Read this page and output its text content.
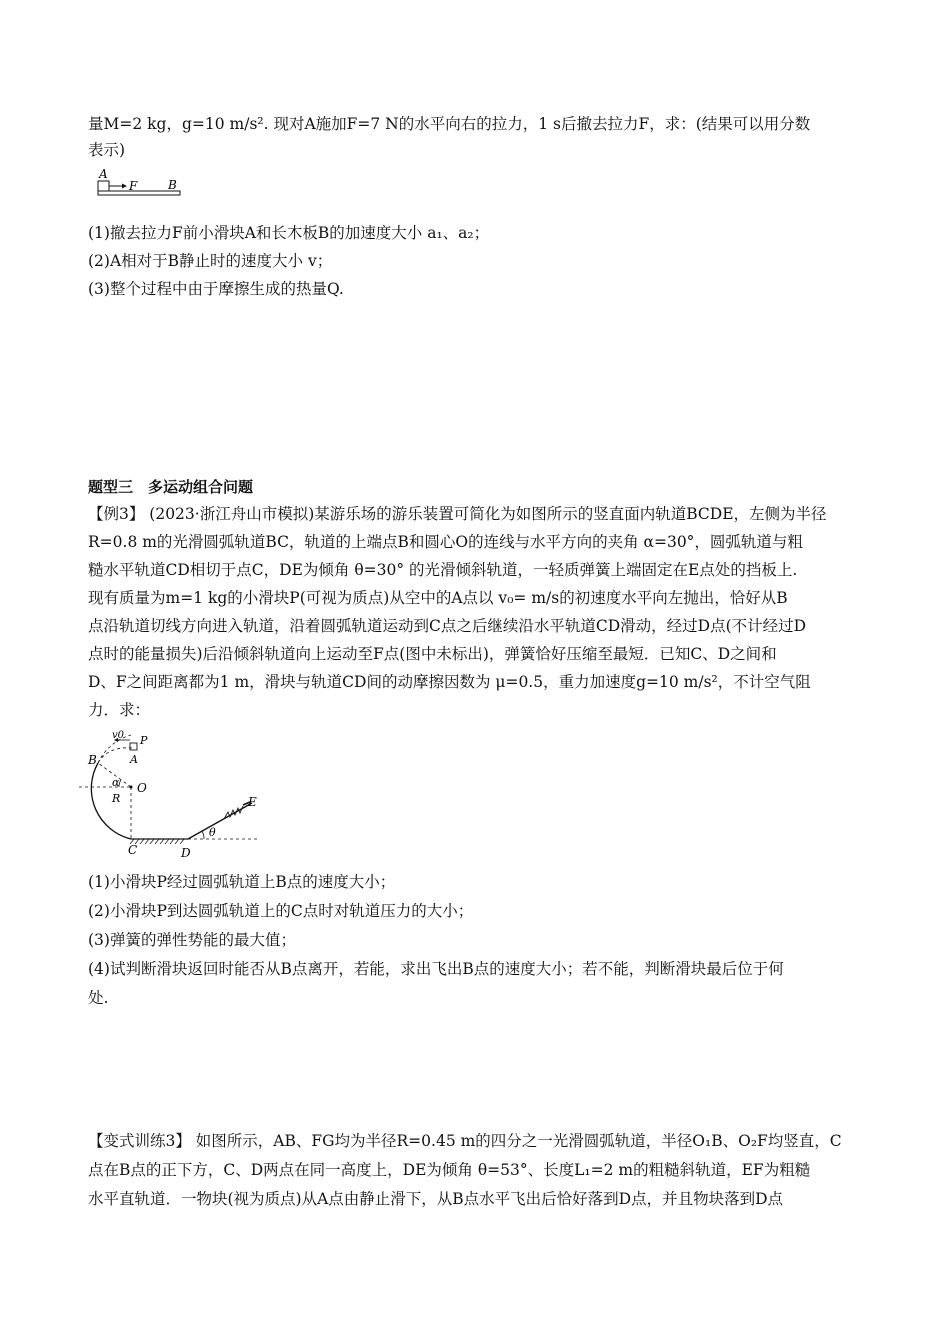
量M=2 kg，g=10 m/s². 现对A施加F=7 N的水平向右的拉力，1 s后撤去拉力F，求：(结果可以用分数
表示)
A
F	B
(1)撤去拉力F前小滑块A和长木板B的加速度大小 a₁、a₂；
(2)A相对于B静止时的速度大小 v；
(3)整个过程中由于摩擦生成的热量Q.
题型三　多运动组合问题
【例3】 (2023·浙江舟山市模拟)某游乐场的游乐装置可简化为如图所示的竖直面内轨道BCDE，左侧为半径
R=0.8 m的光滑圆弧轨道BC，轨道的上端点B和圆心O的连线与水平方向的夹角 α=30°，圆弧轨道与粗
糙水平轨道CD相切于点C，DE为倾角 θ=30° 的光滑倾斜轨道，一轻质弹簧上端固定在E点处的挡板上.
现有质量为m=1 kg的小滑块P(可视为质点)从空中的A点以 v₀= m/s的初速度水平向左抛出，恰好从B
点沿轨道切线方向进入轨道，沿着圆弧轨道运动到C点之后继续沿水平轨道CD滑动，经过D点(不计经过D
点时的能量损失)后沿倾斜轨道向上运动至F点(图中未标出)，弹簧恰好压缩至最短．已知C、D之间和
D、F之间距离都为1 m，滑块与轨道CD间的动摩擦因数为 μ=0.5，重力加速度g=10 m/s²，不计空气阻
力．求：
v0 P
A
B
O
α
R
C	D
E
θ
(1)小滑块P经过圆弧轨道上B点的速度大小；
(2)小滑块P到达圆弧轨道上的C点时对轨道压力的大小；
(3)弹簧的弹性势能的最大值；
(4)试判断滑块返回时能否从B点离开，若能，求出飞出B点的速度大小；若不能，判断滑块最后位于何
处.
【变式训练3】 如图所示，AB、FG均为半径R=0.45 m的四分之一光滑圆弧轨道，半径O₁B、O₂F均竖直，C
点在B点的正下方，C、D两点在同一高度上，DE为倾角 θ=53°、长度L₁=2 m的粗糙斜轨道，EF为粗糙
水平直轨道．一物块(视为质点)从A点由静止滑下，从B点水平飞出后恰好落到D点，并且物块落到D点
